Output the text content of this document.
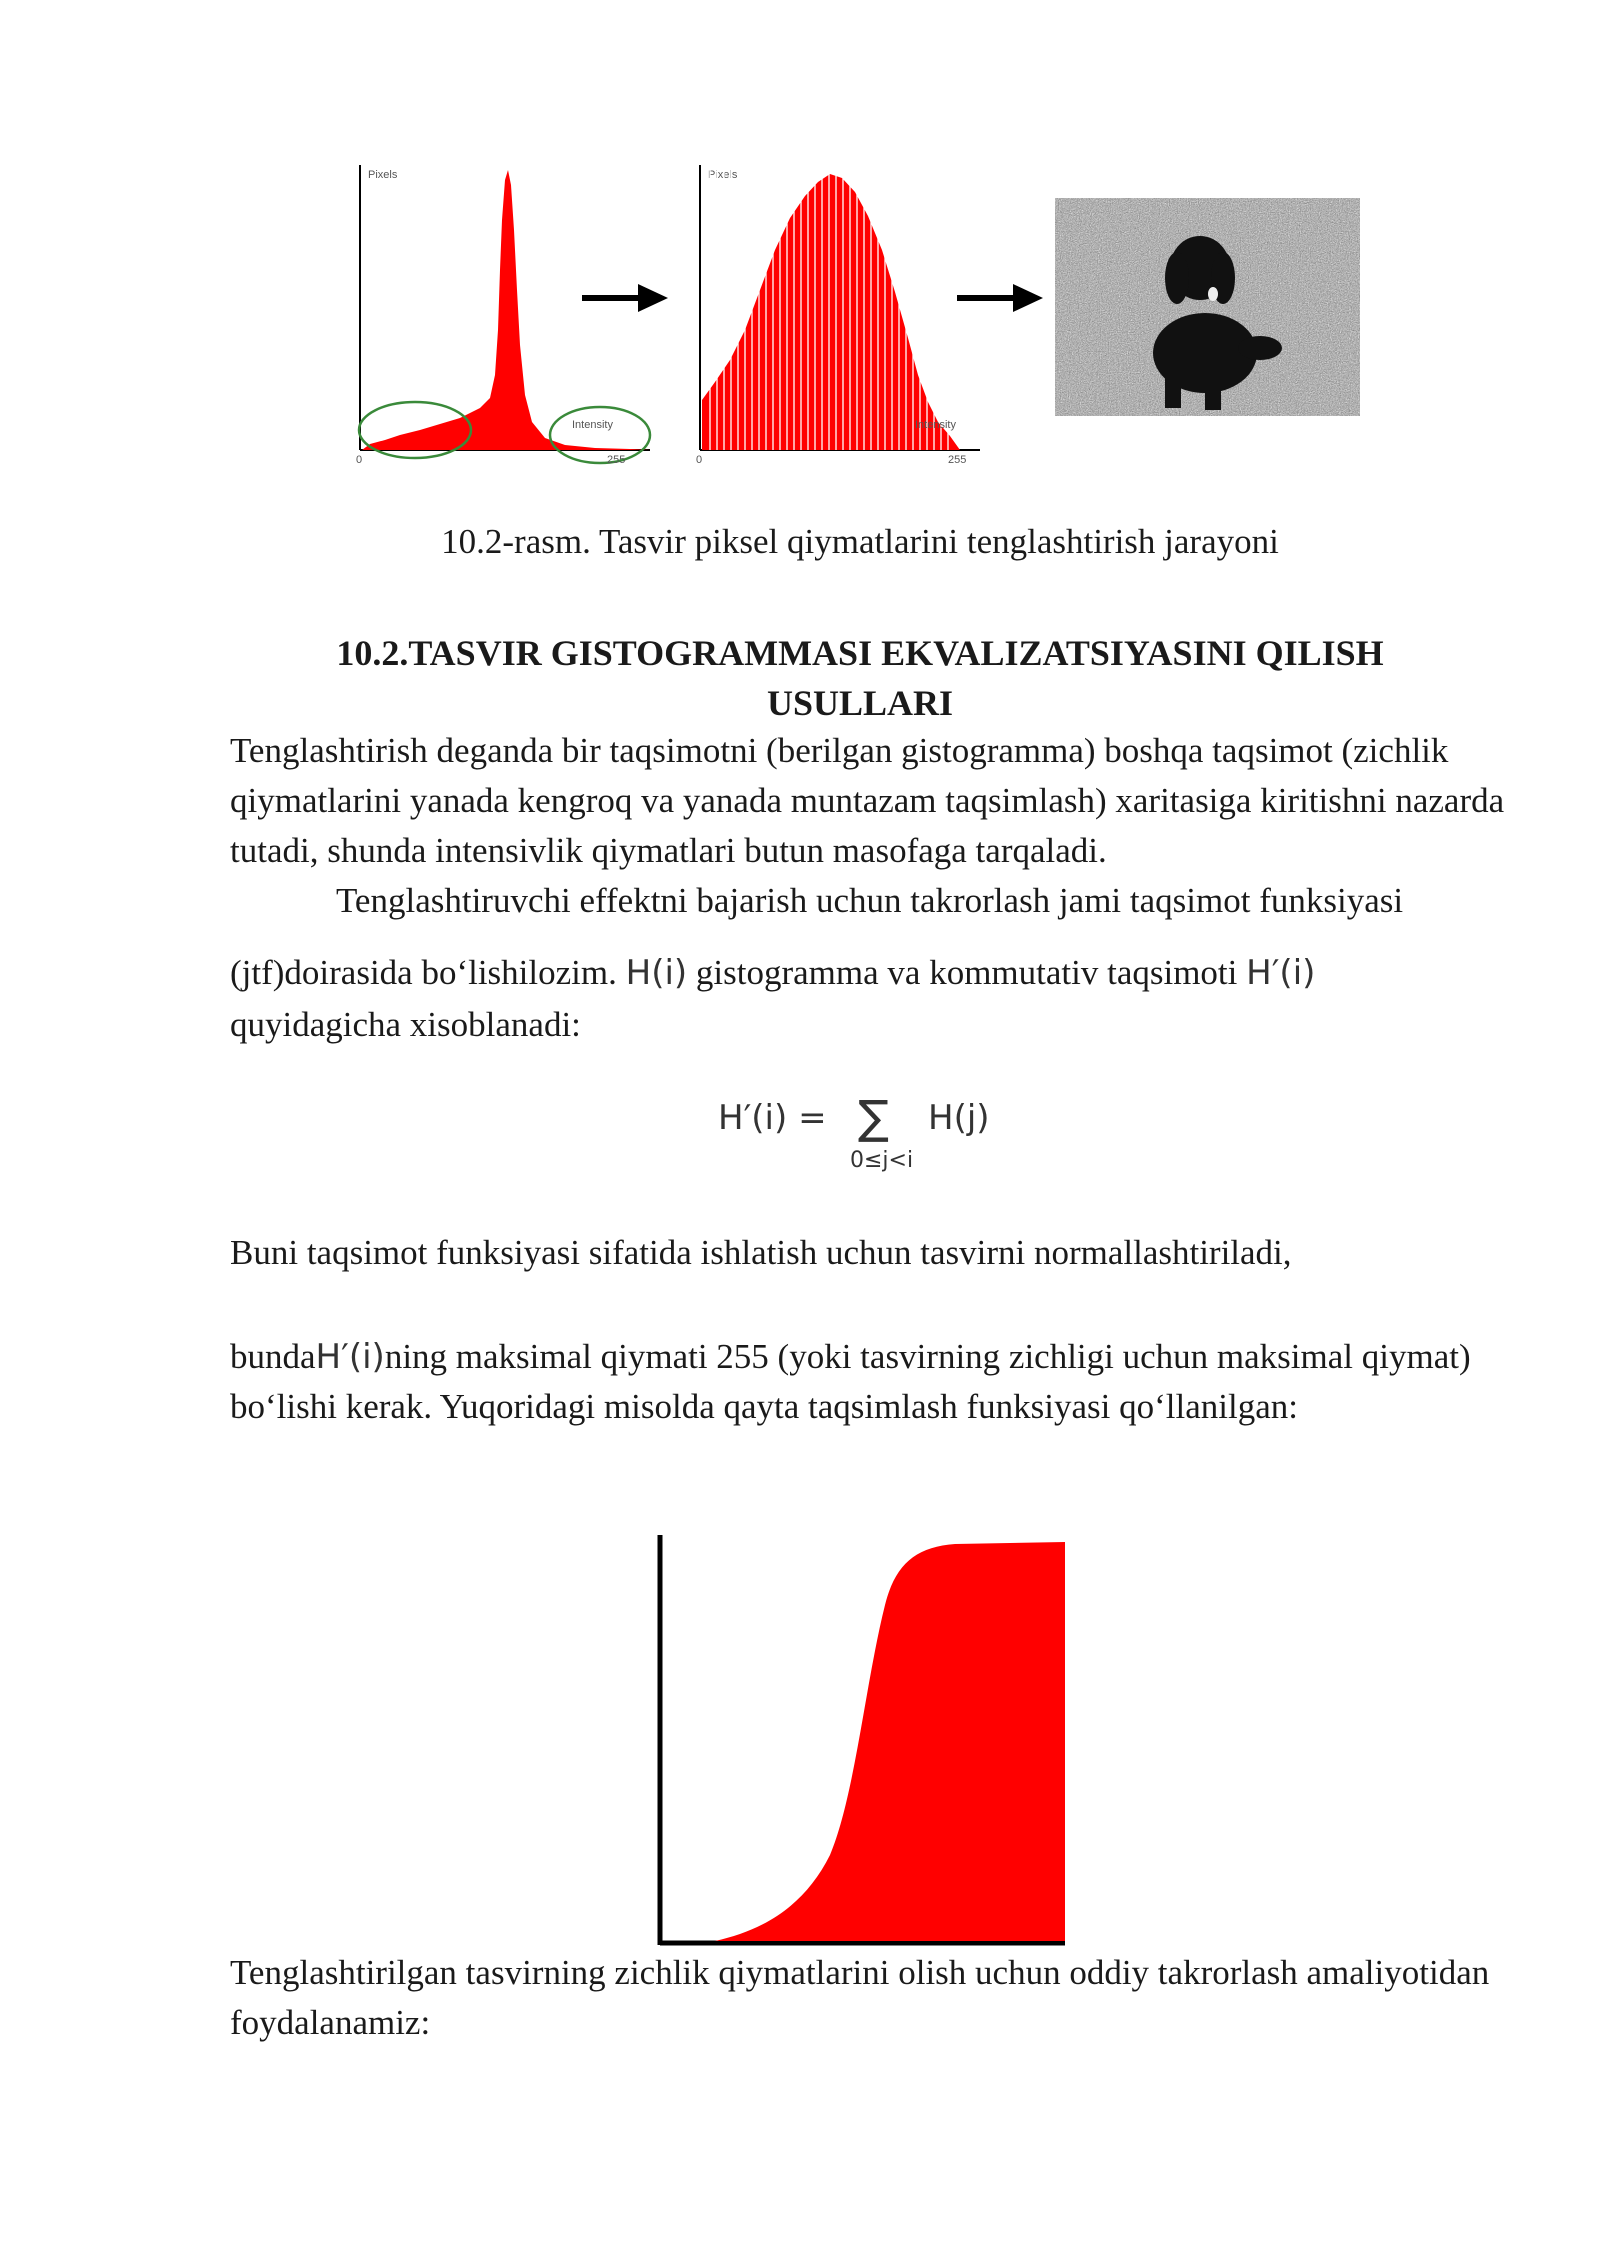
Pixels
Intensity
0	255
Pixels
Intensity
0	255
10.2-rasm. Tasvir piksel qiymatlarini tenglashtirish jarayoni
10.2.TASVIR GISTOGRAMMASI EKVALIZATSIYASINI QILISH
USULLARI
Tenglashtirish deganda bir taqsimotni (berilgan gistogramma) boshqa taqsimot (zichlik qiymatlarini yanada kengroq va yanada muntazam taqsimlash) xaritasiga kiritishni nazarda tutadi, shunda intensivlik qiymatlari butun masofaga tarqaladi.
Tenglashtiruvchi effektni bajarish uchun takrorlash jami taqsimot funksiyasi
(jtf)doirasida bo‘lishilozim. H(i) gistogramma va kommutativ taqsimoti H′(i)
quyidagicha xisoblanadi:
H′(i) = ∑ H(j)
0≤j<i
Buni taqsimot funksiyasi sifatida ishlatish uchun tasvirni normallashtiriladi,
bundaH′(i)ning maksimal qiymati 255 (yoki tasvirning zichligi uchun maksimal qiymat) bo‘lishi kerak. Yuqoridagi misolda qayta taqsimlash funksiyasi qo‘llanilgan:
Tenglashtirilgan tasvirning zichlik qiymatlarini olish uchun oddiy takrorlash amaliyotidan foydalanamiz:
